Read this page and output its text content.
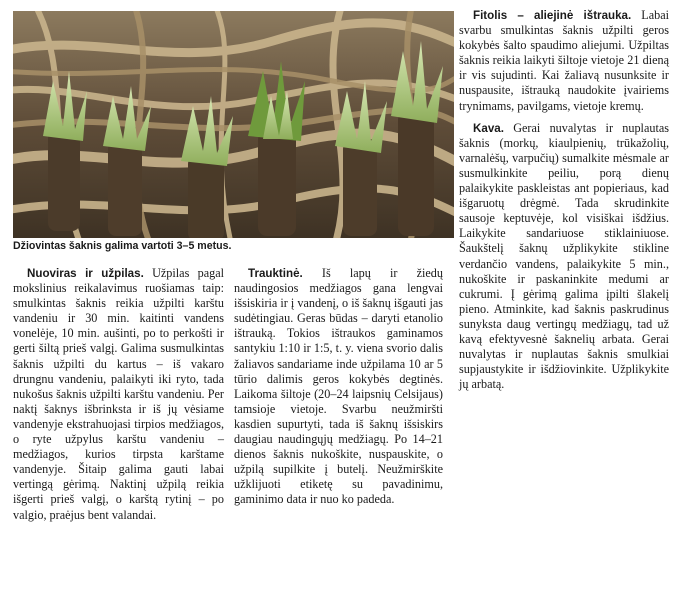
Džiovintas šaknis galima vartoti 3–5 metus.

Nuoviras ir užpilas. Užpilas pagal mokslinius reikalavimus ruošiamas taip: smulkintas šaknis reikia užpilti karštu vandeniu ir 30 min. kaitinti vandens vonelėje, 10 min. aušinti, po to perkošti ir gerti šiltą prieš valgį. Galima susmulkintas šaknis užpilti du kartus – iš vakaro drungnu vandeniu, palaikyti iki ryto, tada nukošus šaknis užpilti karštu vandeniu. Per naktį šaknys išbrinksta ir iš jų vėsiame vandenyje ekstrahuojasi tirpios medžiagos, o ryte užpylus karštu vandeniu – medžiagos, kurios tirpsta karštame vandenyje. Šitaip galima gauti labai vertingą gėrimą. Naktinį užpilą reikia išgerti prieš valgį, o karštą rytinį – po valgio, praėjus bent valandai.

Trauktinė. Iš lapų ir žiedų naudingosios medžiagos gana lengvai išsiskiria ir į vandenį, o iš šaknų išgauti jas sudėtingiau. Geras būdas – daryti etanolio ištrauką. Tokios ištraukos gaminamos santykiu 1:10 ir 1:5, t. y. viena svorio dalis žaliavos sandariame inde užpilama 10 ar 5 tūrio dalimis geros kokybės degtinės. Laikoma šiltoje (20–24 laipsnių Celsijaus) tamsioje vietoje. Svarbu neužmiršti kasdien supurtyti, tada iš šaknų išsiskirs daugiau naudingųjų medžiagų. Po 14–21 dienos šaknis nukoškite, nuspauskite, o užpilą supilkite į butelį. Neužmirškite užklijuoti etiketę su pavadinimu, gaminimo data ir nuo ko padeda.

Fitolis – aliejinė ištrauka. Labai svarbu smulkintas šaknis užpilti geros kokybės šalto spaudimo aliejumi. Užpiltas šaknis reikia laikyti šiltoje vietoje 21 dieną ir vis sujudinti. Kai žaliavą nusunksite ir nuspausite, ištrauką naudokite įvairiems trynimams, pavilgams, vietoje kremų.

Kava. Gerai nuvalytas ir nuplautas šaknis (morkų, kiaulpienių, trūkažolių, varnalėšų, varpučių) sumalkite mėsmale ar susmulkinkite peiliu, porą dienų palaikykite paskleistas ant popieriaus, kad išgaruotų drėgmė. Tada skrudinkite sausoje keptuvėje, kol visiškai išdžius. Laikykite sandariuose stiklainiuose. Šaukštelį šaknų užplikykite stikline verdančio vandens, palaikykite 5 min., nukoškite ir paskaninkite medumi ar cukrumi. Į gėrimą galima įpilti šlakelį pieno. Atminkite, kad šaknis paskrudinus sunyksta daug vertingų medžiagų, tad už kavą efektyvesnė šaknelių arbata. Gerai nuvalytas ir nuplautas šaknis smulkiai supjaustykite ir išdžiovinkite. Užplikykite jų arbatą.
